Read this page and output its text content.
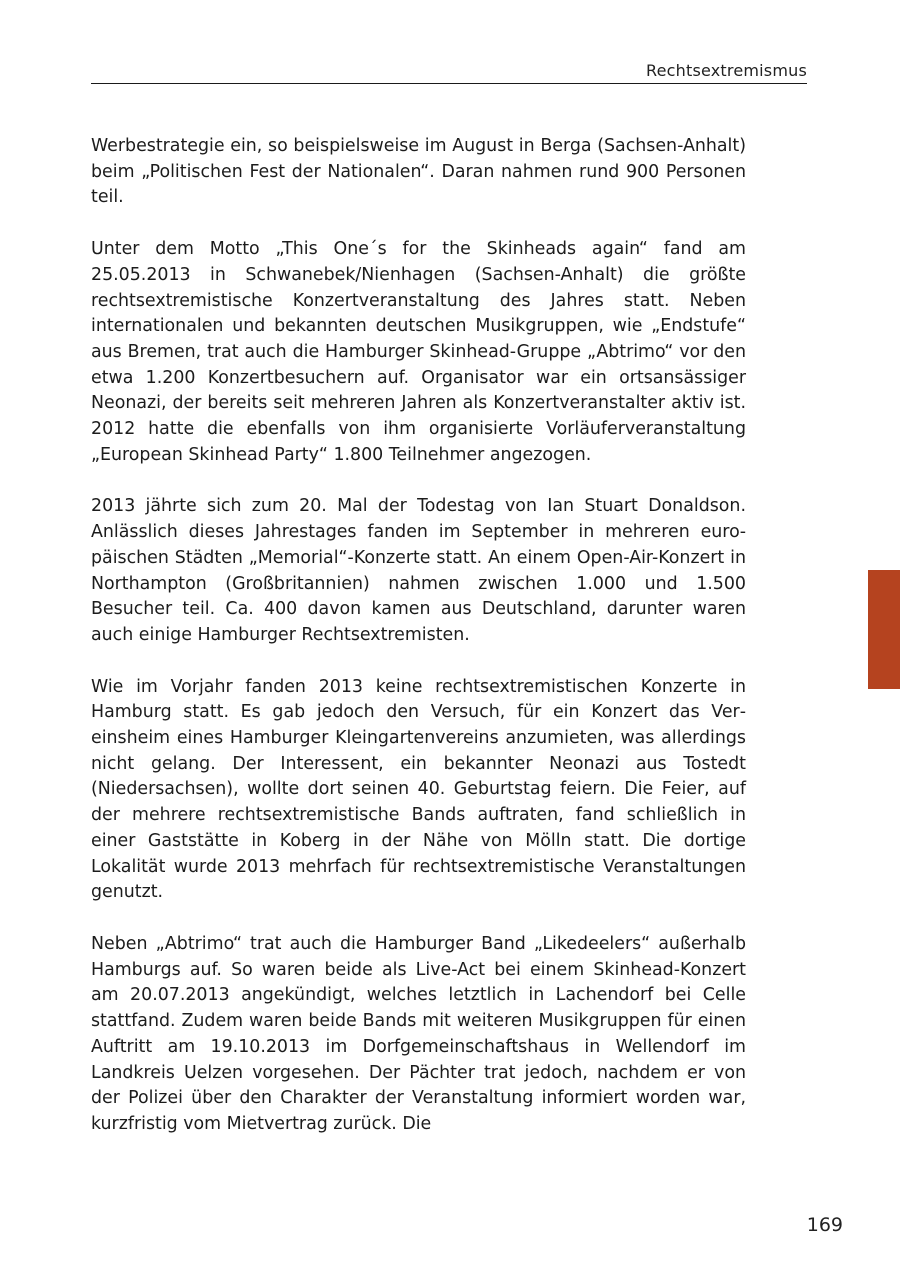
Rechtsextremismus

Werbestrategie ein, so beispielsweise im August in Berga (Sachsen-Anhalt) beim „Politischen Fest der Nationalen“. Daran nahmen rund 900 Personen teil.

Unter dem Motto „This One´s for the Skinheads again“ fand am 25.05.2013 in Schwanebek/Nienhagen (Sachsen-Anhalt) die größte rechtsextremistische Konzertveranstaltung des Jahres statt. Neben internationalen und bekannten deutschen Musikgruppen, wie „Endstufe“ aus Bremen, trat auch die Hamburger Skinhead-Gruppe „Abtrimo“ vor den etwa 1.200 Konzertbesuchern auf. Organisator war ein ortsansässiger Neonazi, der bereits seit mehreren Jahren als Konzertveranstalter aktiv ist. 2012 hatte die ebenfalls von ihm organisierte Vorläuferveranstaltung „European Skinhead Party“ 1.800 Teilnehmer angezogen.

2013 jährte sich zum 20. Mal der Todestag von Ian Stuart Donaldson. Anlässlich dieses Jahrestages fanden im September in mehreren europäischen Städten „Memorial“-Konzerte statt. An einem Open-Air-Konzert in Northampton (Großbritannien) nahmen zwischen 1.000 und 1.500 Besucher teil. Ca. 400 davon kamen aus Deutschland, darunter waren auch einige Hamburger Rechtsextremisten.

Wie im Vorjahr fanden 2013 keine rechtsextremistischen Konzerte in Hamburg statt. Es gab jedoch den Versuch, für ein Konzert das Vereinsheim eines Hamburger Kleingartenvereins anzumieten, was allerdings nicht gelang. Der Interessent, ein bekannter Neonazi aus Tostedt (Niedersachsen), wollte dort seinen 40. Geburtstag feiern. Die Feier, auf der mehrere rechtsextremistische Bands auftraten, fand schließlich in einer Gaststätte in Koberg in der Nähe von Mölln statt. Die dortige Lokalität wurde 2013 mehrfach für rechtsextremistische Veranstaltungen genutzt.

Neben „Abtrimo“ trat auch die Hamburger Band „Likedeelers“ außerhalb Hamburgs auf. So waren beide als Live-Act bei einem Skinhead-Konzert am 20.07.2013 angekündigt, welches letztlich in Lachendorf bei Celle stattfand. Zudem waren beide Bands mit weiteren Musikgruppen für einen Auftritt am 19.10.2013 im Dorfgemeinschaftshaus in Wellendorf im Landkreis Uelzen vorgesehen. Der Pächter trat jedoch, nachdem er von der Polizei über den Charakter der Veranstaltung informiert worden war, kurzfristig vom Mietvertrag zurück. Die

169
